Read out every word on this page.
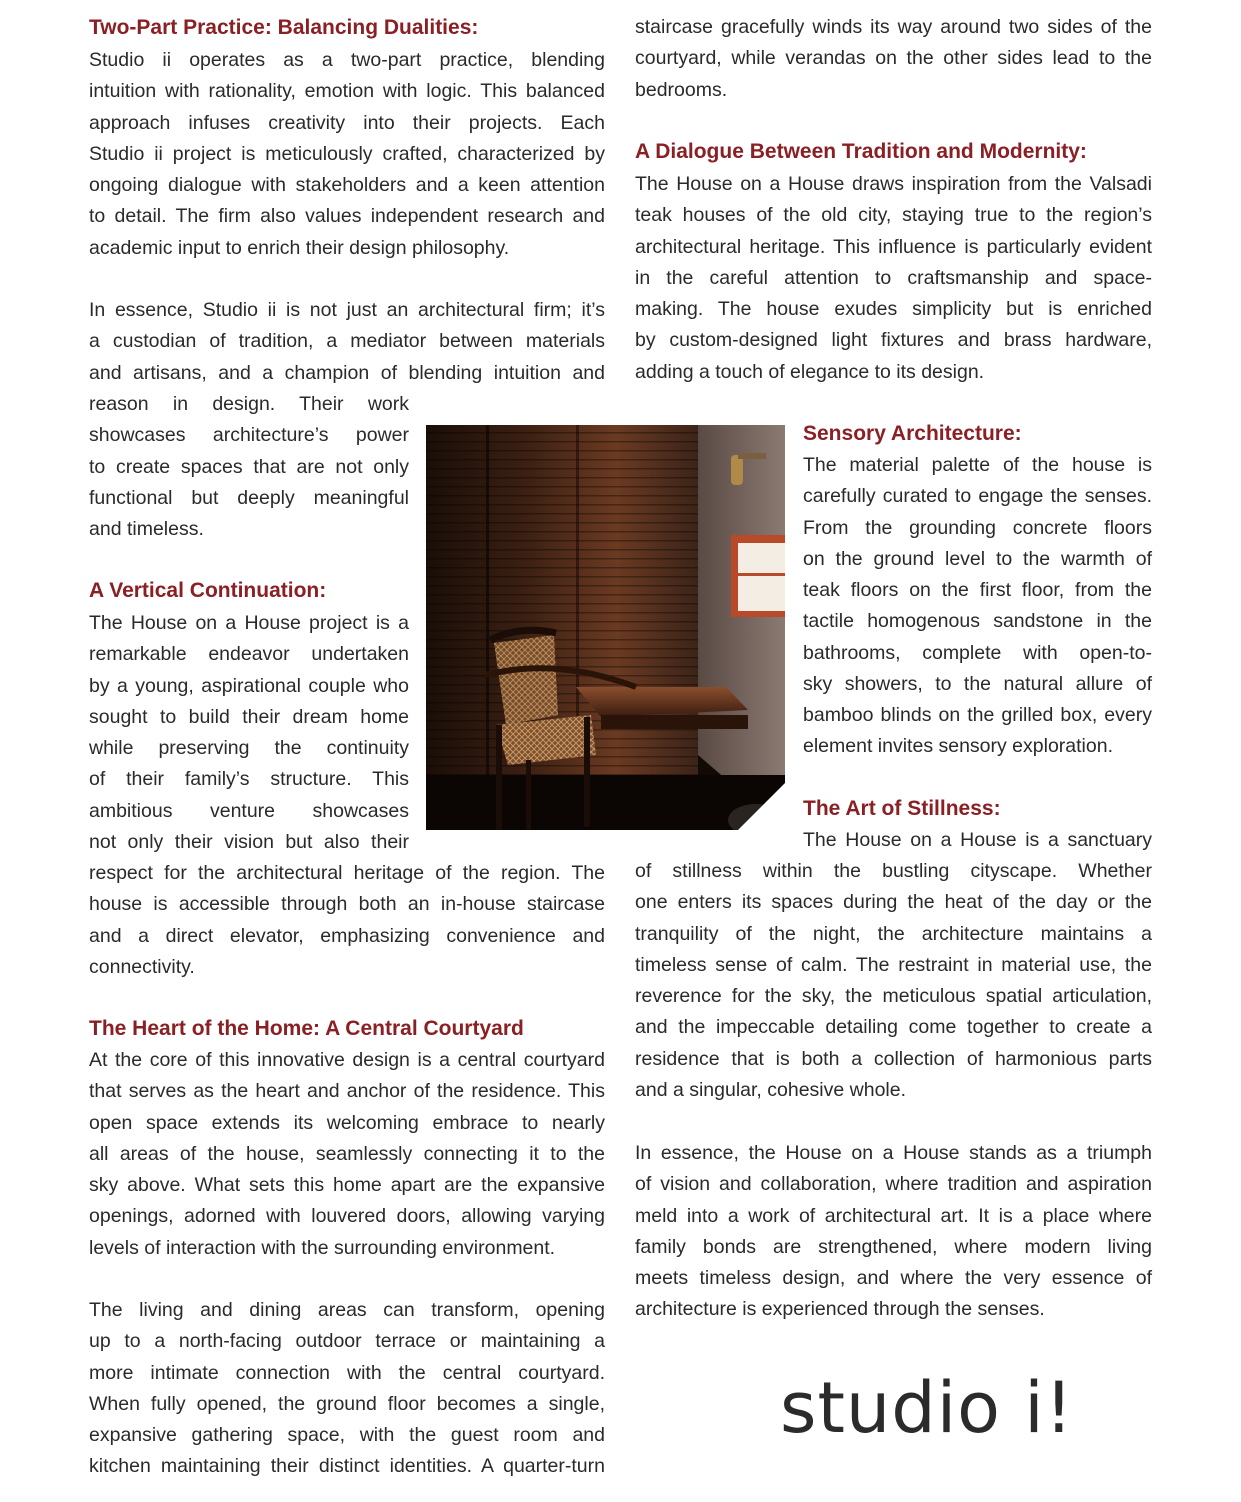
Two-Part Practice: Balancing Dualities:
Studio ii operates as a two-part practice, blending
intuition with rationality, emotion with logic. This balanced
approach infuses creativity into their projects. Each
Studio ii project is meticulously crafted, characterized by
ongoing dialogue with stakeholders and a keen attention
to detail. The firm also values independent research and
academic input to enrich their design philosophy.
In essence, Studio ii is not just an architectural firm; it’s
a custodian of tradition, a mediator between materials
and artisans, and a champion of blending intuition and
reason in design. Their work
showcases architecture’s power
to create spaces that are not only
functional but deeply meaningful
and timeless.
A Vertical Continuation:
The House on a House project is a
remarkable endeavor undertaken
by a young, aspirational couple who
sought to build their dream home
while preserving the continuity
of their family’s structure. This
ambitious venture showcases
not only their vision but also their
respect for the architectural heritage of the region. The
house is accessible through both an in-house staircase
and a direct elevator, emphasizing convenience and
connectivity.
The Heart of the Home: A Central Courtyard
At the core of this innovative design is a central courtyard
that serves as the heart and anchor of the residence. This
open space extends its welcoming embrace to nearly
all areas of the house, seamlessly connecting it to the
sky above. What sets this home apart are the expansive
openings, adorned with louvered doors, allowing varying
levels of interaction with the surrounding environment.
The living and dining areas can transform, opening
up to a north-facing outdoor terrace or maintaining a
more intimate connection with the central courtyard.
When fully opened, the ground floor becomes a single,
expansive gathering space, with the guest room and
kitchen maintaining their distinct identities. A quarter-turn
staircase gracefully winds its way around two sides of the
courtyard, while verandas on the other sides lead to the
bedrooms.
A Dialogue Between Tradition and Modernity:
The House on a House draws inspiration from the Valsadi
teak houses of the old city, staying true to the region’s
architectural heritage. This influence is particularly evident
in the careful attention to craftsmanship and space-
making. The house exudes simplicity but is enriched
by custom-designed light fixtures and brass hardware,
adding a touch of elegance to its design.
Sensory Architecture:
The material palette of the house is
carefully curated to engage the senses.
From the grounding concrete floors
on the ground level to the warmth of
teak floors on the first floor, from the
tactile homogenous sandstone in the
bathrooms, complete with open-to-
sky showers, to the natural allure of
bamboo blinds on the grilled box, every
element invites sensory exploration.
The Art of Stillness:
The House on a House is a sanctuary
of stillness within the bustling cityscape. Whether
one enters its spaces during the heat of the day or the
tranquility of the night, the architecture maintains a
timeless sense of calm. The restraint in material use, the
reverence for the sky, the meticulous spatial articulation,
and the impeccable detailing come together to create a
residence that is both a collection of harmonious parts
and a singular, cohesive whole.
In essence, the House on a House stands as a triumph
of vision and collaboration, where tradition and aspiration
meld into a work of architectural art. It is a place where
family bonds are strengthened, where modern living
meets timeless design, and where the very essence of
architecture is experienced through the senses.
studio i!
